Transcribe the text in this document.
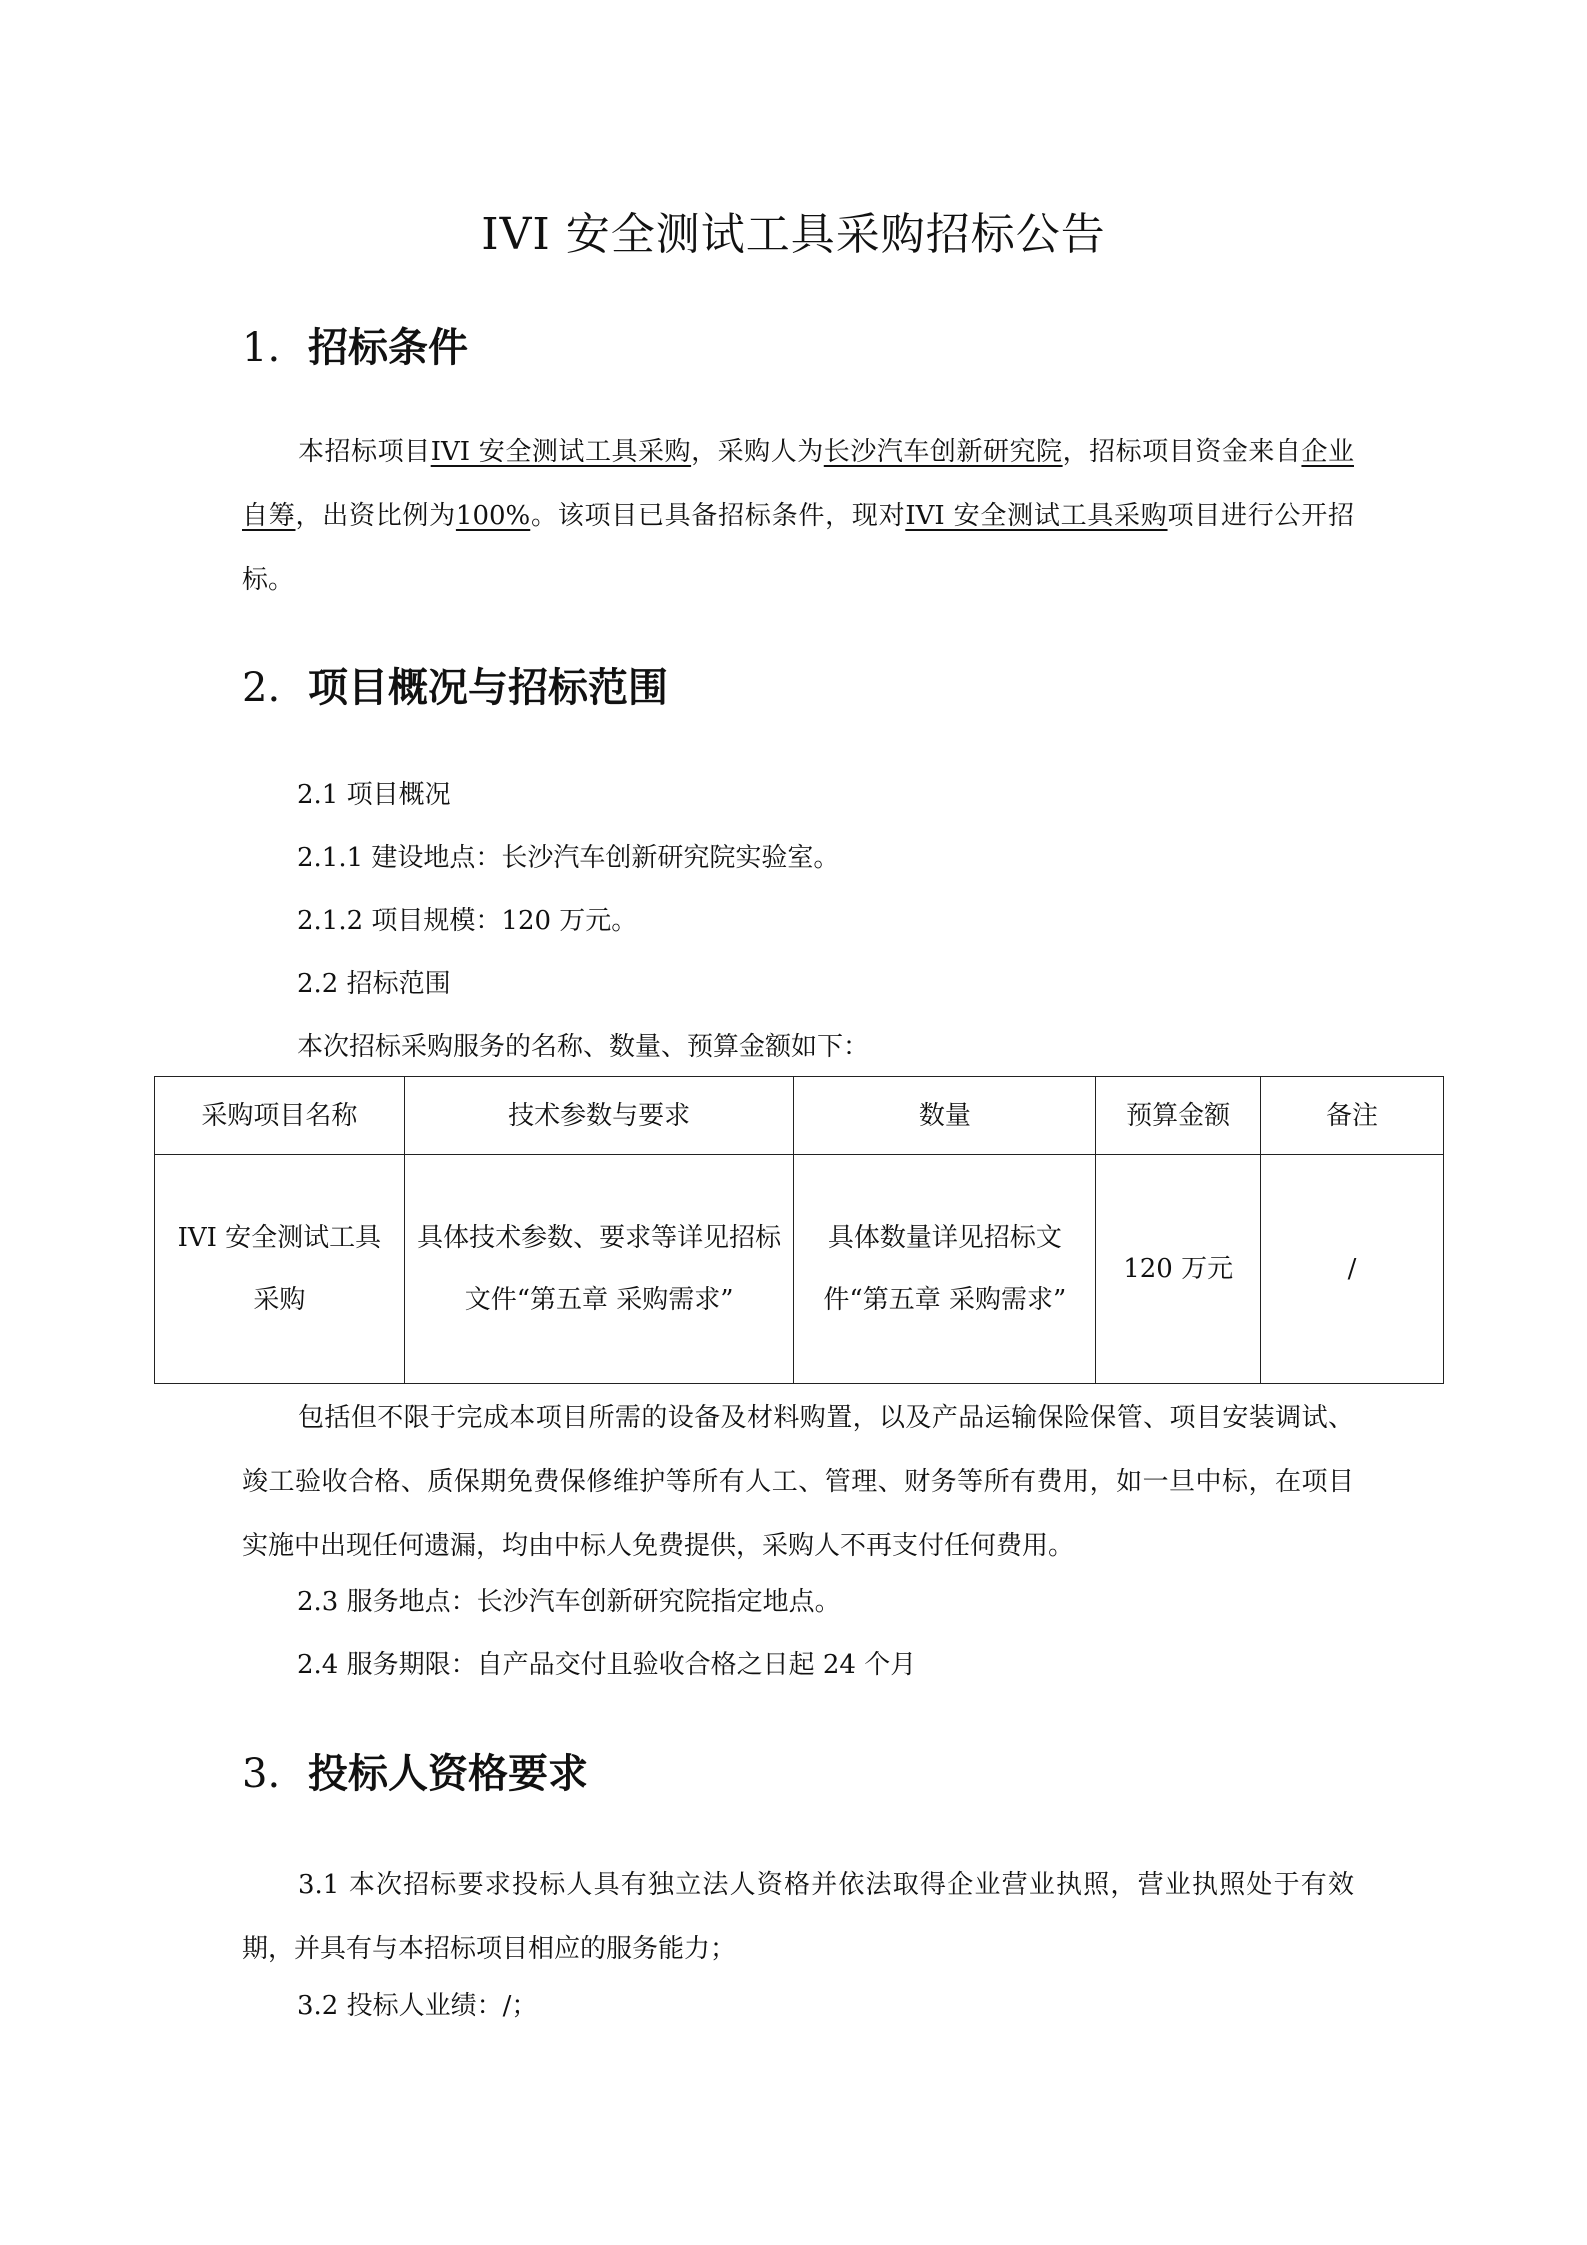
IVI 安全测试工具采购招标公告
1. 招标条件
本招标项目IVI 安全测试工具采购，采购人为长沙汽车创新研究院，招标项目资金来自企业自筹，出资比例为100%。该项目已具备招标条件，现对IVI 安全测试工具采购项目进行公开招标。
2. 项目概况与招标范围
2.1 项目概况
2.1.1 建设地点：长沙汽车创新研究院实验室。
2.1.2 项目规模：120 万元。
2.2 招标范围
本次招标采购服务的名称、数量、预算金额如下：
采购项目名称	技术参数与要求	数量	预算金额	备注
IVI 安全测试工具采购	具体技术参数、要求等详见招标文件“第五章 采购需求”	具体数量详见招标文件“第五章 采购需求”	120 万元	/
包括但不限于完成本项目所需的设备及材料购置，以及产品运输保险保管、项目安装调试、竣工验收合格、质保期免费保修维护等所有人工、管理、财务等所有费用，如一旦中标，在项目实施中出现任何遗漏，均由中标人免费提供，采购人不再支付任何费用。
2.3 服务地点：长沙汽车创新研究院指定地点。
2.4 服务期限：自产品交付且验收合格之日起 24 个月
3. 投标人资格要求
3.1 本次招标要求投标人具有独立法人资格并依法取得企业营业执照，营业执照处于有效期，并具有与本招标项目相应的服务能力；
3.2 投标人业绩：/；
